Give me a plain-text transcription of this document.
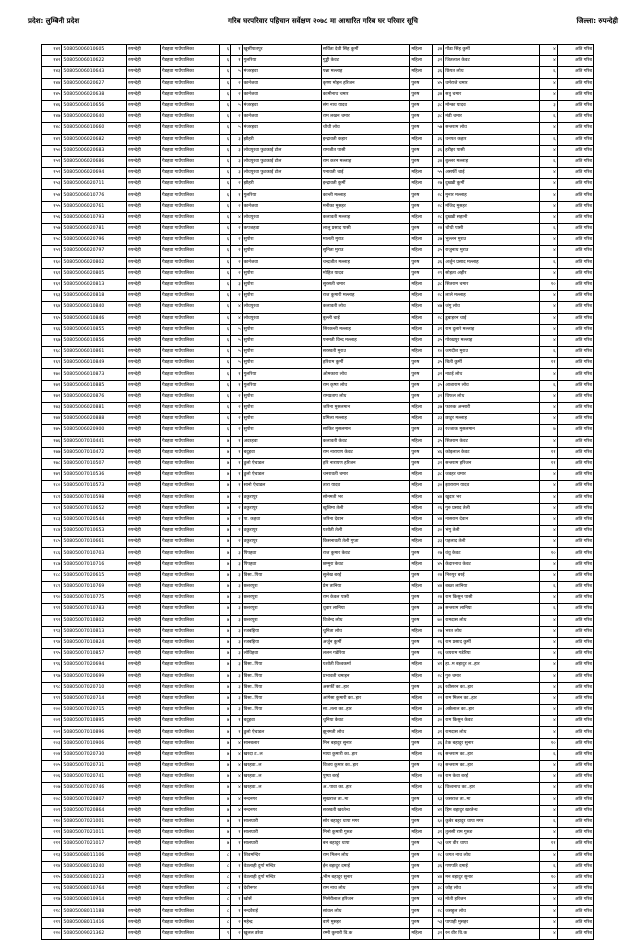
प्रदेश: लुम्बिनी प्रदेश	गरिब घरपरिवार पहिचान सर्वेक्षण २०७८ मा आधारित गरिब घर परिवार सूचि	जिल्ला: रुपन्देही
१४१	50805006010605	रुपन्देही	गैडहवा गाउँपालिका	६	१	खुर्सीपातपुर	सर्विता देवी सिंह कुर्मी	महिला	३४	गौंडा सिंह कुर्मी	४	अति गरिब
१४२	50805006010622	रुपन्देही	गैडहवा गाउँपालिका	६	१	गुलरिया	गुड्डी केवट	महिला	३२	जितलाल केवट	४	अति गरिब
१४३	50805006010643	रुपन्देही	गैडहवा गाउँपालिका	६	५	मंजरहवा	पन्ना मल्लाह	महिला	३६	छिपत लोध	६	अति गरिब
१४४	50805006020627	रुपन्देही	गैडहवा गाउँपालिका	६	२	कार्नजवा	कृष्ण मोहन हरिजन	पुरुष	४५	धर्मराजे चमार	४	अति गरिब
१४५	50805006020638	रुपन्देही	गैडहवा गाउँपालिका	६	२	कार्नजवा	कामीनाथ चमार	पुरुष	३४	सत्रु चमार	४	अति गरिब
१४६	50805006010656	रुपन्देही	गैडहवा गाउँपालिका	६	५	मंजरहवा	संग नाथ यादव	पुरुष	३८	मोन्का यादव	३	अति गरिब
१४७	50805006020640	रुपन्देही	गैडहवा गाउँपालिका	६	२	कार्नजवा	राम लखन चमार	पुरुष	३८	मंडी चमार	६	अति गरिब
१४८	50805006010660	रुपन्देही	गैडहवा गाउँपालिका	६	५	मंजरहवा	चौथी लोध	पुरुष	५७	सन्तराम लोध	४	अति गरिब
१४९	50805006020682	रुपन्देही	गैडहवा गाउँपालिका	६	३	झौहरी	इन्द्रावती कहार	महिला	३६	धनपत कहार	६	अति गरिब
१५०	50805006020683	रुपन्देही	गैडहवा गाउँपालिका	६	३	लोधपुरवा फुटकाई टोल	रामजीत पासी	पुरुष	३६	हरीहर पासी	४	अति गरिब
१५१	50805006020686	रुपन्देही	गैडहवा गाउँपालिका	६	३	लोधपुरवा फुटकाई टोल	राम करन मल्लाह	पुरुष	३४	बुल्लर मल्लाह	६	अति गरिब
१५२	50805006020694	रुपन्देही	गैडहवा गाउँपालिका	६	३	लोधपुरवा फुटकाई टोल	पनावती चाई	महिला	५५	असर्फी चाई	४	अति गरिब
१५३	50805006020711	रुपन्देही	गैडहवा गाउँपालिका	६	२	झौहरी	इन्द्रावती कुर्मी	महिला	२७	दुख्खी कुर्मी	४	अति गरिब
१५४	50805006010776	रुपन्देही	गैडहवा गाउँपालिका	६	१	गुलरिया	कान्ती मल्लाह	पुरुष	२८	मुनार मल्लाह	४	अति गरिब
१५५	50805006020761	रुपन्देही	गैडहवा गाउँपालिका	६	२	कार्नजवा	मनीका मुसहर	पुरुष	२८	मंजिद मुसहर	४	अति गरिब
१५६	50805006010793	रुपन्देही	गैडहवा गाउँपालिका	६	४	लोधपुरवा	कलावती मल्लाह	महिला	२८	दुख्खी सहानी	४	अति गरिब
१५७	50805006020781	रुपन्देही	गैडहवा गाउँपालिका	६	२	कपजहवा	लालु प्रसाद पासी	पुरुष	२४	चौथी पासी	६	अति गरिब
१५८	50805006020796	रुपन्देही	गैडहवा गाउँपालिका	६	२	सुपौरा	मालती मुराउ	महिला	३७	भुल्लन मुराउ	४	अति गरिब
१५९	50805006020797	रुपन्देही	गैडहवा गाउँपालिका	६	२	सुपौरा	सुनिता मुराउ	महिला	३५	राजुनाथ मुराउ	४	अति गरिब
१६०	50805006020802	रुपन्देही	गैडहवा गाउँपालिका	६	२	कार्नजवा	चन्द्रजीत मल्लाह	पुरुष	३६	अर्जुन प्रसाद मल्लाह	६	अति गरिब
१६१	50805006020805	रुपन्देही	गैडहवा गाउँपालिका	६	२	सुपौरा	मोहित यादव	पुरुष	२९	सोहता अहीर	४	अति गरिब
१६२	50805006020813	रुपन्देही	गैडहवा गाउँपालिका	६	३	सुपौरा	सुरसती चमार	महिला	३८	सितराम चमार	१०	अति गरिब
१६३	50805006020818	रुपन्देही	गैडहवा गाउँपालिका	६	२	सुपौरा	राज कुमारी मल्लाह	महिला	२८	लाले मल्लाह	४	अति गरिब
१६४	50805006010840	रुपन्देही	गैडहवा गाउँपालिका	६	४	लोधपुरवा	कलावती लोध	महिला	४७	जंगु लोध	४	अति गरिब
१६५	50805006010846	रुपन्देही	गैडहवा गाउँपालिका	६	४	लोधपुरवा	बुल्ली चाई	महिला	२८	डुबाहरन चाई	४	अति गरिब
१६६	50805006010855	रुपन्देही	गैडहवा गाउँपालिका	६	५	सुपौरा	सिरकन्ती मल्लाह	महिला	३१	राम दुलारे मल्लाह	४	अति गरिब
१६७	50805006010856	रुपन्देही	गैडहवा गाउँपालिका	६	५	सुपौरा	पनमती विन्द मल्लाह	महिला	३५	गोरखपुर मल्लाह	४	अति गरिब
१६८	50805006010861	रुपन्देही	गैडहवा गाउँपालिका	६	५	सुपौरा	सरस्वती मुराउ	महिला	१०	जगदीश मुराउ	६	अति गरिब
१६९	50805006010849	रुपन्देही	गैडहवा गाउँपालिका	६	५	सुपौरा	हरिराम कुर्मी	पुरुष	३५	बिती कुर्मी	११	अति गरिब
१७०	50805006010873	रुपन्देही	गैडहवा गाउँपालिका	६	१	गुलरिया	ओमकारा लोध	पुरुष	३२	नाटई लोध	४	अति गरिब
१७१	50805006010885	रुपन्देही	गैडहवा गाउँपालिका	६	१	गुलरिया	राम कृष्ण लोध	पुरुष	३५	आशाराम लोध	६	अति गरिब
१७२	50805006020876	रुपन्देही	गैडहवा गाउँपालिका	६	२	सुपौरा	रामप्रताप लोध	पुरुष	३२	विफल लोध	४	अति गरिब
१७३	50805006020881	रुपन्देही	गैडहवा गाउँपालिका	६	२	सुपौरा	जरिना मुसलमान	महिला	३७	फारुक अन्सारी	४	अति गरिब
१७४	50805006020888	रुपन्देही	गैडहवा गाउँपालिका	६	२	सुपौरा	प्रमिला मल्लाह	महिला	३३	छाटुर मल्लाह	४	अति गरिब
१७५	50805006020900	रुपन्देही	गैडहवा गाउँपालिका	६	२	सुपौरा	साकिर मुसलमान	पुरुष	३३	रज्जाक मुसलमान	७	अति गरिब
१७६	50805007010441	रुपन्देही	गैडहवा गाउँपालिका	७	१	अदरहवा	कलावती केवट	महिला	३५	सितराम केवट	४	अति गरिब
१७७	50805007010472	रुपन्देही	गैडहवा गाउँपालिका	७	१	बदुहवा	राम नारायण केवट	पुरुष	४६	कोइलाल केवट	११	अति गरिब
१७८	50805007010507	रुपन्देही	गैडहवा गाउँपालिका	७	१	ठुलो ऐचाडल	हरि नारायण हरिजन	पुरुष	३२	सन्तराम हरिजन	११	अति गरिब
१७९	50805007010536	रुपन्देही	गैडहवा गाउँपालिका	७	१	ठुलो ऐचाडल	चनरावती चमार	महिला	३८	जवहर चमार	४	अति गरिब
१८०	50805007010573	रुपन्देही	गैडहवा गाउँपालिका	७	१	सानो ऐचाडल	तारा यादव	महिला	३०	झाराराम यादव	४	अति गरिब
१८१	50805007010598	रुपन्देही	गैडहवा गाउँपालिका	७	२	ठकुरापुर	सोनमती भर	महिला	४४	खुदार भर	४	अति गरिब
१८२	50805007010652	रुपन्देही	गैडहवा गाउँपालिका	७	२	ठकुरापुर	खुशिमा तेली	महिला	२६	गुरु प्रसाद तेली	४	अति गरिब
१८३	50805007020544	रुपन्देही	गैडहवा गाउँपालिका	७	२	पा. कहवा	जरिना देवान	महिला	४४	नासराम देवान	४	अति गरिब
१८४	50805007010653	रुपन्देही	गैडहवा गाउँपालिका	७	२	ठकुरापुर	यशोती तेली	महिला	३०	भंगु तेली	४	अति गरिब
१८५	50805007010661	रुपन्देही	गैडहवा गाउँपालिका	७	२	ठकुरापुर	किसनावती तेली गुप्ता	महिला	३३	पहलाद तेली	४	अति गरिब
१८६	50805007010703	रुपन्देही	गैडहवा गाउँपालिका	७	३	पिपहवा	राज कुमार केवट	पुरुष	२७	वंधु केवट	१०	अति गरिब
१८७	50805007010716	रुपन्देही	गैडहवा गाउँपालिका	७	३	पिपहवा	छम्मुरा केवट	महिला	४५	केदारनाथ केवट	४	अति गरिब
१८८	50805007020615	रुपन्देही	गैडहवा गाउँपालिका	७	३	विसा..पिया	सुलेख बरई	पुरुष	२४	निरुपुर बरई	४	अति गरिब
१८९	50805007010769	रुपन्देही	गैडहवा गाउँपालिका	७	३	छत्तरपुरा	प्रेम तानिया	महिला	४४	बख्श लानिया	६	अति गरिब
१९०	50805007010775	रुपन्देही	गैडहवा गाउँपालिका	७	३	छत्तरपुरा	राम केवल पासी	पुरुष	२४	राम किसुन पासी	४	अति गरिब
१९१	50805007010783	रुपन्देही	गैडहवा गाउँपालिका	७	३	छत्तरपुरा	धुवार लानिया	पुरुष	३७	सन्तराम लानिया	६	अति गरिब
१९२	50805007010802	रुपन्देही	गैडहवा गाउँपालिका	७	३	छत्तरपुरा	विजेन्द लोध	पुरुष	७०	रामदास लोध	४	अति गरिब
१९३	50805007010813	रुपन्देही	गैडहवा गाउँपालिका	७	३	रजबहिया	चुनिता लोध	महिला	२७	भरत लोध	४	अति गरिब
१९४	50805007010824	रुपन्देही	गैडहवा गाउँपालिका	७	३	रजबहिया	अर्जुन कुर्मी	पुरुष	२६	राम प्रसाद कुर्मी	४	अति गरिब
१९५	50805007010857	रुपन्देही	गैडहवा गाउँपालिका	७	३	लोधिहवा	ललन गडेरिया	पुरुष	२६	जयराम गडेरिया	४	अति गरिब
१९६	50805007020694	रुपन्देही	गैडहवा गाउँपालिका	७	३	विसा..पिया	यशोती विश्वकर्मा	महिला	४१	हा..म बहादुर ल..हार	४	अति गरिब
१९७	50805007020699	रुपन्देही	गैडहवा गाउँपालिका	७	३	विसा..पिया	प्रभावती चमाइन	महिला	२८	गुरु चमार	४	अति गरिब
१९८	50805007020710	रुपन्देही	गैडहवा गाउँपालिका	७	३	विसा..पिया	असर्फी का..हार	पुरुष	३६	रवीसरन का..हार	४	अति गरिब
१९९	50805007020714	रुपन्देही	गैडहवा गाउँपालिका	७	३	विसा..पिया	आंगेसा कुमारी का..हार	महिला	२२	राम मिलन का..हार	४	अति गरिब
२००	50805007020715	रुपन्देही	गैडहवा गाउँपालिका	७	३	विसा..पिया	सा..तला का..हार	महिला	३०	अछैलाल का..हार	४	अति गरिब
२०१	50805007010895	रुपन्देही	गैडहवा गाउँपालिका	७	१	बदुहवा	चुनिया केवट	महिला	३०	राम किसुन केवट	४	अति गरिब
२०२	50805007010896	रुपन्देही	गैडहवा गाउँपालिका	७	१	ठुलो ऐचाडल	झुनमती लोध	महिला	३१	रामदास लोध	४	अति गरिब
२०३	50805007010906	रुपन्देही	गैडहवा गाउँपालिका	७	४	सानबलार	मिन बहादुर सुनार	पुरुष	३६	टेक बहादुर सुनार	१०	अति गरिब
२०४	50805007020730	रुपन्देही	गैडहवा गाउँपालिका	७	४	खरदा ट..ल	माया कुमारी का..हार	महिला	२६	सन्तराम का..हार	६	अति गरिब
२०५	50805007020731	रुपन्देही	गैडहवा गाउँपालिका	७	४	खरहवा..ल	विजय कुमार का..हार	पुरुष	२३	सन्तराम का..हार	४	अति गरिब
२०६	50805007020741	रुपन्देही	गैडहवा गाउँपालिका	७	४	खरहवा..ल	पुष्पा बरई	महिला	२४	राम केवा बरई	४	अति गरिब
२०७	50805007020746	रुपन्देही	गैडहवा गाउँपालिका	७	४	खरहवा..ल	अ..पावा का..हार	महिला	६८	विश्वनाथ का..हार	४	अति गरिब
२०८	50805007020807	रुपन्देही	गैडहवा गाउँपालिका	७	४	नन्दनगर	सुखराज ता..मा	पुरुष	६३	जसराज ता..मा	४	अति गरिब
२०९	50805007020864	रुपन्देही	गैडहवा गाउँपालिका	७	४	नन्दनगर	सरस्वती खरतेन्ध	महिला	४१	हिम बहादुर खरतेन्ध	४	अति गरिब
२१०	50805007021001	रुपन्देही	गैडहवा गाउँपालिका	७	१	सालघारी	सोर बहादुर थापा मगर	पुरुष	६०	कुबेर बहादुर थापा मगर	६	अति गरिब
२११	50805007021011	रुपन्देही	गैडहवा गाउँपालिका	७	१	सालघारी	मिनो कुमारी गुरुङ	महिला	३१	तुलसी राम गुरुङ	४	अति गरिब
२१२	50805007021017	रुपन्देही	गैडहवा गाउँपालिका	७	१	सालघारी	बन बहादुर थापा	पुरुष	५३	जग वीर थापा	११	अति गरिब
२१३	50805008011106	रुपन्देही	गैडहवा गाउँपालिका	८	१	शिवमन्दिर	राम मिलन लोध	पुरुष	२८	जगत नाथ लोध	४	अति गरिब
२१४	50805008010240	रुपन्देही	गैडहवा गाउँपालिका	८	१	वेउलाही दुर्गा मन्दिर	ईन बहादुर दमाई	पुरुष	३६	गणपति दमाई	६	अति गरिब
२१५	50805008010223	रुपन्देही	गैडहवा गाउँपालिका	८	१	वेउलाही दुर्गा मन्दिर	भीम बहादुर सुनार	पुरुष	४४	मन बहादुर सुनार	१०	अति गरिब
२१६	50805008010764	रुपन्देही	गैडहवा गाउँपालिका	८	१	देवीनगर	राम नाथ लोध	पुरुष	३८	जोह लोध	४	अति गरिब
२१७	50805008010914	रुपन्देही	गैडहवा गाउँपालिका	८	१	खोर्से	मिसेरीलाल हरिजन	पुरुष	४३	मोती हरिजन	४	अति गरिब
२१८	50805008011188	रुपन्देही	गैडहवा गाउँपालिका	८	१	नन्दवैराई	सांवल लोध	पुरुष	२८	जसहुल लोध	४	अति गरिब
२१९	50805008011416	रुपन्देही	गैडहवा गाउँपालिका	८	२	महेन्द्र	वागे मुसहर	पुरुष	५३	पापाही मुसहर	४	अति गरिब
२२०	50805009021362	रुपन्देही	गैडहवा गाउँपालिका	९	२	खुलल डरेवा	रम्मी कुमारी वि.क	महिला	३२	रन वीर वि.क	४	अति गरिब
४
